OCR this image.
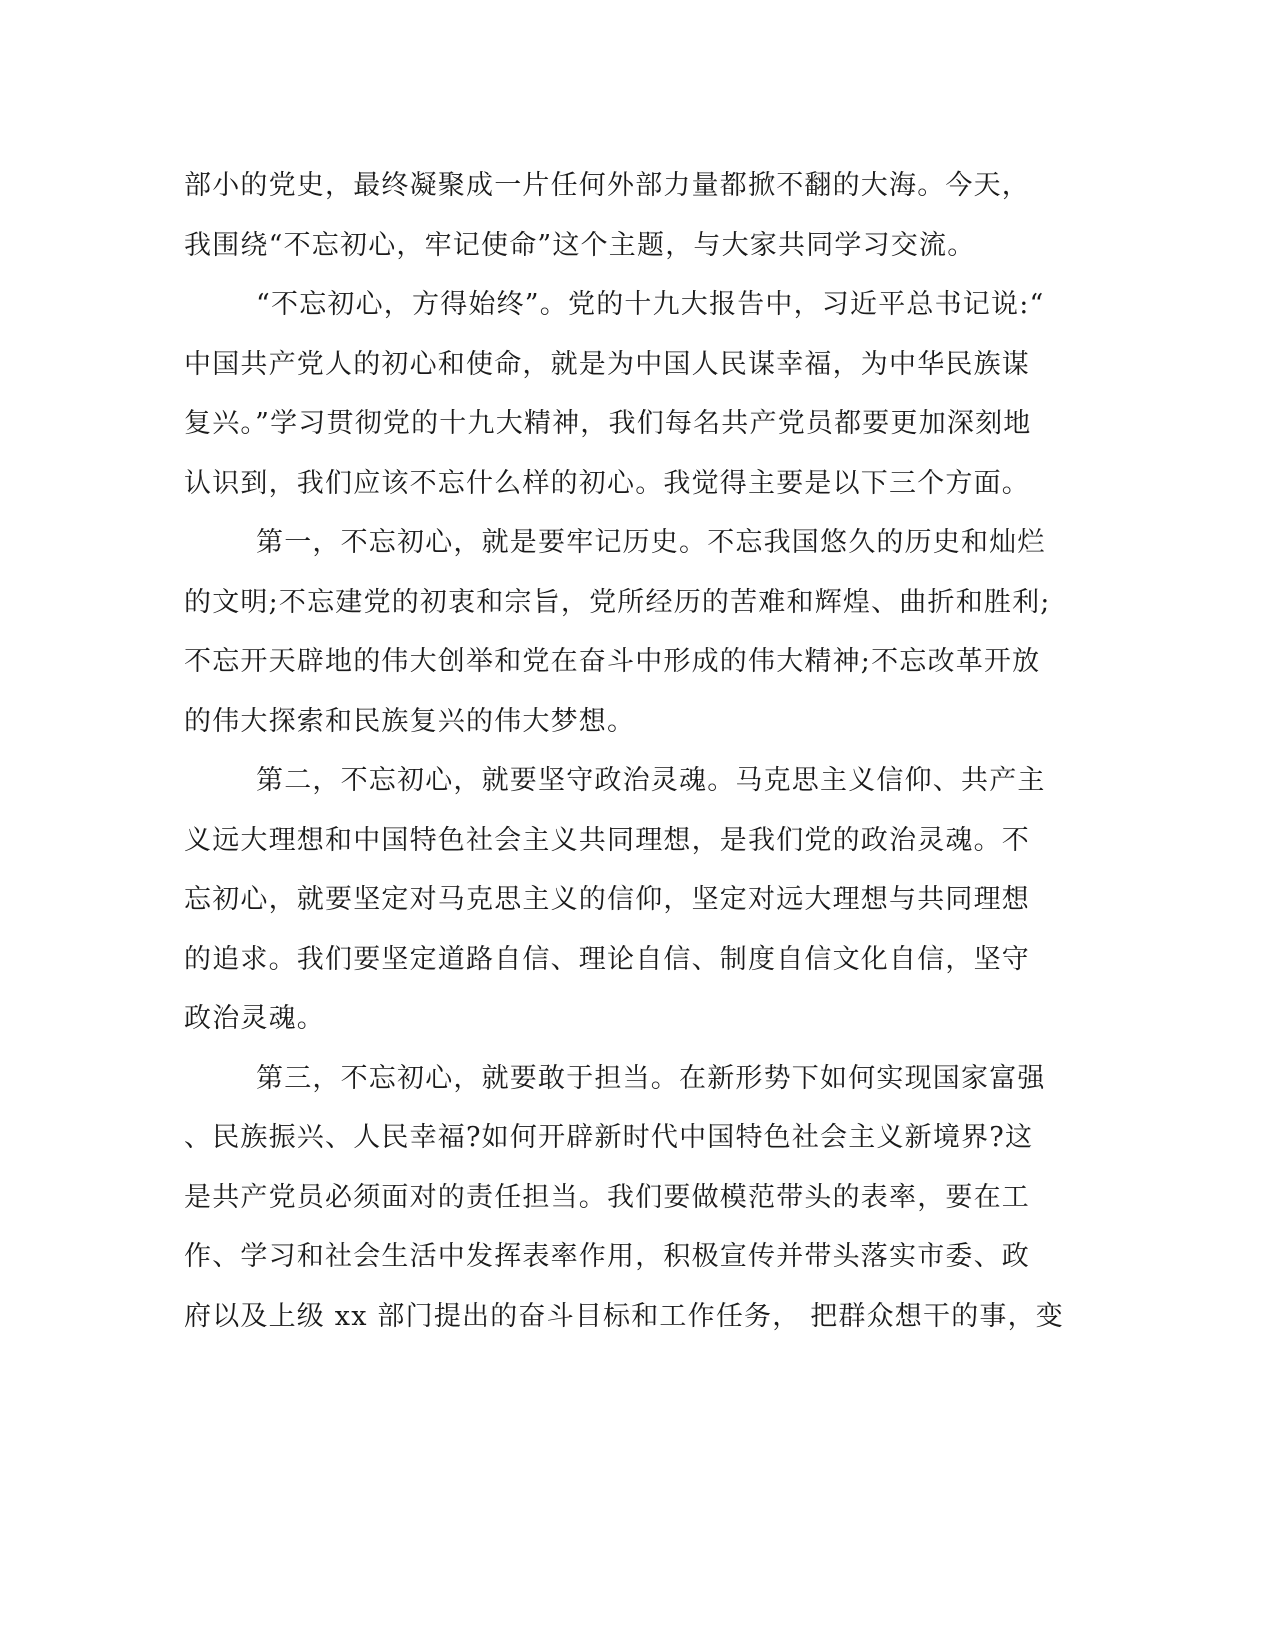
部小的党史，最终凝聚成一片任何外部力量都掀不翻的大海。今天，
我围绕“不忘初心，牢记使命”这个主题，与大家共同学习交流。
“不忘初心，方得始终”。党的十九大报告中，习近平总书记说:“
中国共产党人的初心和使命，就是为中国人民谋幸福，为中华民族谋
复兴。”学习贯彻党的十九大精神，我们每名共产党员都要更加深刻地
认识到，我们应该不忘什么样的初心。我觉得主要是以下三个方面。
第一，不忘初心，就是要牢记历史。不忘我国悠久的历史和灿烂
的文明;不忘建党的初衷和宗旨，党所经历的苦难和辉煌、曲折和胜利;
不忘开天辟地的伟大创举和党在奋斗中形成的伟大精神;不忘改革开放
的伟大探索和民族复兴的伟大梦想。
第二，不忘初心，就要坚守政治灵魂。马克思主义信仰、共产主
义远大理想和中国特色社会主义共同理想，是我们党的政治灵魂。不
忘初心，就要坚定对马克思主义的信仰，坚定对远大理想与共同理想
的追求。我们要坚定道路自信、理论自信、制度自信文化自信，坚守
政治灵魂。
第三，不忘初心，就要敢于担当。在新形势下如何实现国家富强
、民族振兴、人民幸福?如何开辟新时代中国特色社会主义新境界?这
是共产党员必须面对的责任担当。我们要做模范带头的表率，要在工
作、学习和社会生活中发挥表率作用，积极宣传并带头落实市委、政
府以及上级 xx 部门提出的奋斗目标和工作任务， 把群众想干的事，变
